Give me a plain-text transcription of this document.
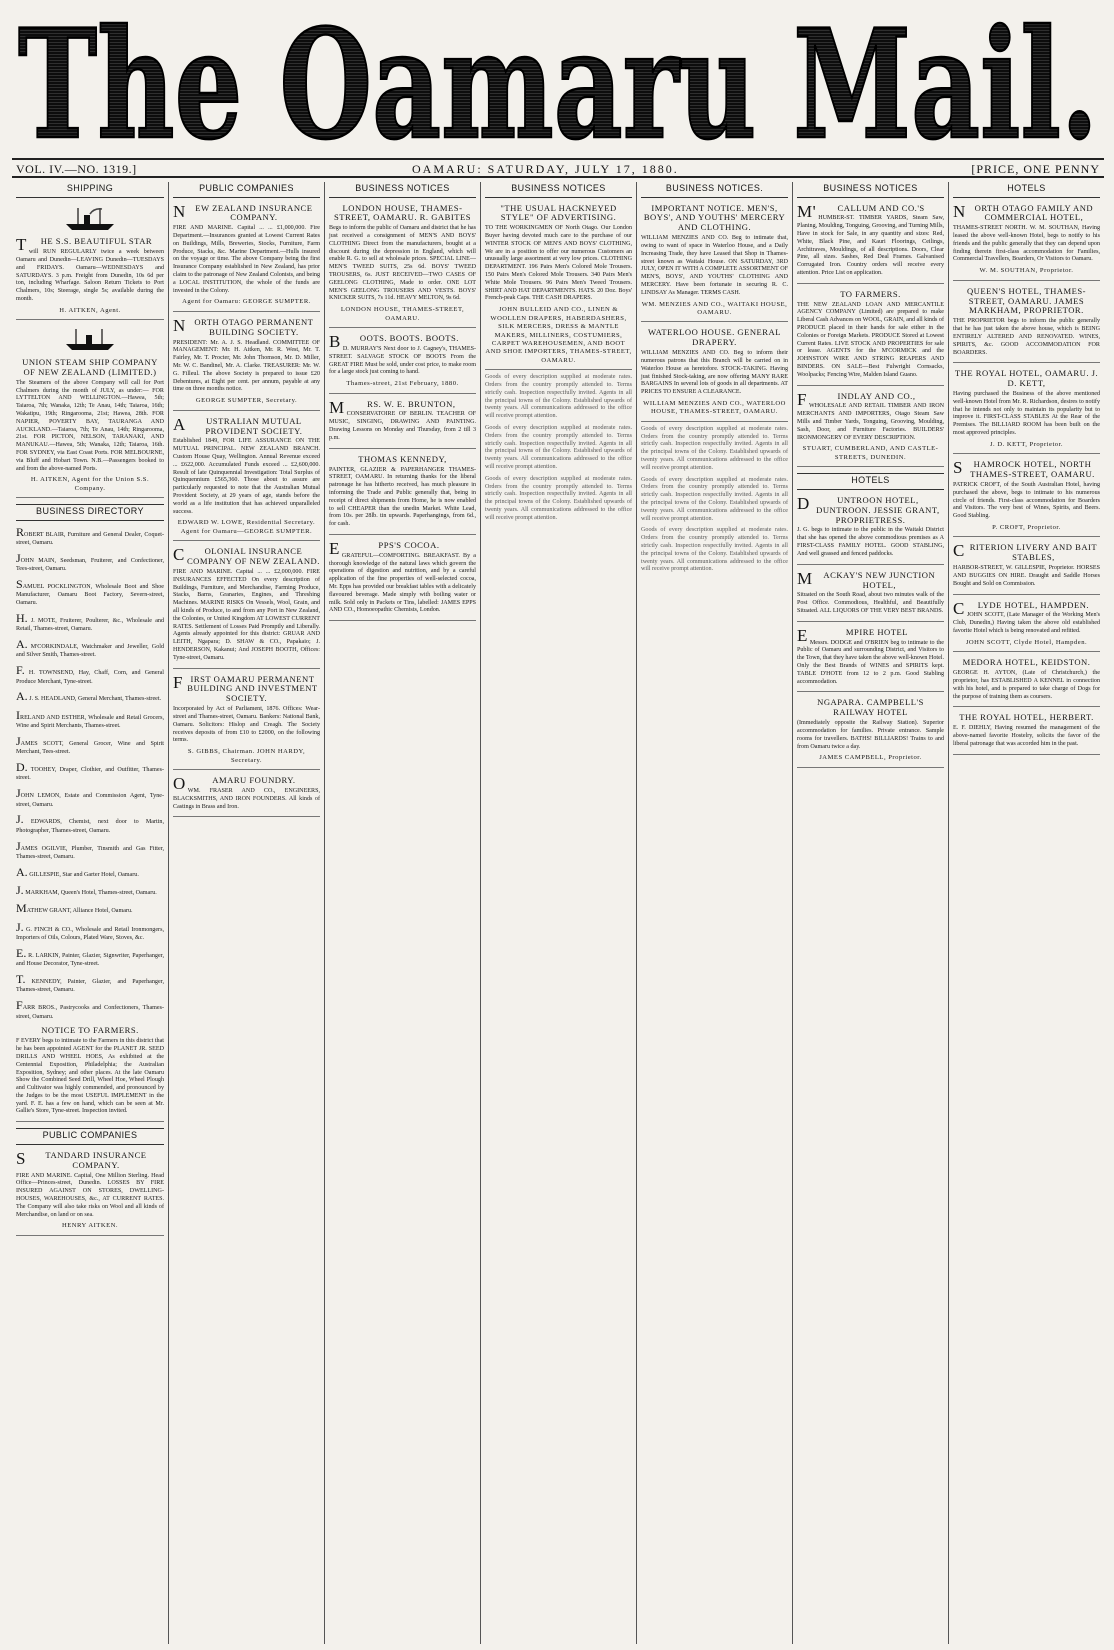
The Oamaru Mail.
VOL. IV.—NO. 1319.]	OAMARU: SATURDAY, JULY 17, 1880.	[PRICE, ONE PENNY
SHIPPING
THE S.S. BEAUTIFUL STAR

will RUN REGULARLY twice a week between Oamaru and Dunedin—LEAVING Dunedin—TUESDAYS and FRIDAYS. Oamaru—WEDNESDAYS and SATURDAYS. 3 p.m. Freight from Dunedin, 10s 6d per ton, including Wharfage. Saloon Return Tickets to Port Chalmers, 10s; Steerage, single 5s; available during the month.

H. AITKEN, Agent.
UNION STEAM SHIP COMPANY OF NEW ZEALAND (LIMITED.)

The Steamers of the above Company will call for Port Chalmers during the month of JULY, as under:— FOR LYTTELTON AND WELLINGTON.—Hawea, 5th; Taiaroa, 7th; Wanaka, 12th; Te Anau, 14th; Taiaroa, 16th; Wakatipu, 19th; Ringarooma, 21st; Hawea, 28th. FOR NAPIER, POVERTY BAY, TAURANGA AND AUCKLAND.—Taiaroa, 7th; Te Anau, 14th; Ringarooma, 21st. FOR PICTON, NELSON, TARANAKI, AND MANUKAU.—Hawea, 5th; Wanaka, 12th; Taiaroa, 16th. FOR SYDNEY, via East Coast Ports. FOR MELBOURNE, via Bluff and Hobart Town. N.B.—Passengers booked to and from the above-named Ports.

H. AITKEN, Agent for the Union S.S. Company.
BUSINESS DIRECTORY

ROBERT BLAIR, Furniture and General Dealer, Coquet-street, Oamaru.

JOHN MAIN, Seedsman, Fruiterer, and Confectioner, Tees-street, Oamaru.

SAMUEL POCKLINGTON, Wholesale Boot and Shoe Manufacturer, Oamaru Boot Factory, Severn-street, Oamaru.

H. J. MOTE, Fruiterer, Poulterer, &c., Wholesale and Retail, Thames-street, Oamaru.

A. M'CORKINDALE, Watchmaker and Jeweller, Gold and Silver Smith, Thames-street.

F. H. TOWNSEND, Hay, Chaff, Corn, and General Produce Merchant, Tyne-street.

A. J. S. HEADLAND, General Merchant, Thames-street.

IRELAND AND ESTHER, Wholesale and Retail Grocers, Wine and Spirit Merchants, Thames-street.

JAMES SCOTT, General Grocer, Wine and Spirit Merchant, Tees-street.

D. TOOHEY, Draper, Clothier, and Outfitter, Thames-street.

JOHN LEMON, Estate and Commission Agent, Tyne-street, Oamaru.

J. EDWARDS, Chemist, next door to Martin, Photographer, Thames-street, Oamaru.

JAMES OGILVIE, Plumber, Tinsmith and Gas Fitter, Thames-street, Oamaru.

A. GILLESPIE, Star and Garter Hotel, Oamaru.

J. MARKHAM, Queen's Hotel, Thames-street, Oamaru.

MATHEW GRANT, Alliance Hotel, Oamaru.

J. G. FINCH & CO., Wholesale and Retail Ironmongers, Importers of Oils, Colours, Plated Ware, Stoves, &c.

E. R. LARKIN, Painter, Glazier, Signwriter, Paperhanger, and House Decorator, Tyne-street.

T. KENNEDY, Painter, Glazier, and Paperhanger, Thames-street, Oamaru.

FARR BROS., Pastrycooks and Confectioners, Thames-street, Oamaru.

NOTICE TO FARMERS.

F EVERY begs to intimate to the Farmers in this district that he has been appointed AGENT for the PLANET JR. SEED DRILLS AND WHEEL HOES, As exhibited at the Centennial Exposition, Philadelphia; the Australian Exposition, Sydney; and other places. At the late Oamaru Show the Combined Seed Drill, Wheel Hoe, Wheel Plough and Cultivator was highly commended, and pronounced by the Judges to be the most USEFUL IMPLEMENT in the yard. F. E. has a few on hand, which can be seen at Mr. Gallie's Store, Tyne-street. Inspection invited.

PUBLIC COMPANIES
STANDARD INSURANCE COMPANY.

FIRE AND MARINE. Capital, One Million Sterling. Head Office—Princes-street, Dunedin. LOSSES BY FIRE INSURED AGAINST ON STORES, DWELLING-HOUSES, WAREHOUSES, &c., AT CURRENT RATES. The Company will also take risks on Wool and all kinds of Merchandise, on land or on sea.

HENRY AITKEN.
PUBLIC COMPANIES
NEW ZEALAND INSURANCE COMPANY.

FIRE AND MARINE. Capital ... ... £1,000,000. Fire Department.—Insurances granted at Lowest Current Rates on Buildings, Mills, Breweries, Stocks, Furniture, Farm Produce, Stacks, &c. Marine Department.—Hulls insured on the voyage or time. The above Company being the first Insurance Company established in New Zealand, has prior claim to the patronage of New Zealand Colonists, and being a LOCAL INSTITUTION, the whole of the funds are invested in the Colony.

Agent for Oamaru: GEORGE SUMPTER.
NORTH OTAGO PERMANENT BUILDING SOCIETY.

PRESIDENT: Mr. A. J. S. Headland. COMMITTEE OF MANAGEMENT: Mr. H. Aitken, Mr. R. West, Mr. T. Fairley, Mr. T. Procter, Mr. John Thomson, Mr. D. Miller, Mr. W. C. Bandinel, Mr. A. Clarke. TREASURER: Mr. W. G. Filleul. The above Society is prepared to issue £20 Debentures, at Eight per cent. per annum, payable at any time on three months notice.

GEORGE SUMPTER, Secretary.
AUSTRALIAN MUTUAL PROVIDENT SOCIETY.

Established 1849, FOR LIFE ASSURANCE ON THE MUTUAL PRINCIPAL. NEW ZEALAND BRANCH. Custom House Quay, Wellington. Annual Revenue exceed ... £622,000. Accumulated Funds exceed ... £2,600,000. Result of late Quinquennial Investigation: Total Surplus of Quinquennium £565,360. Those about to assure are particularly requested to note that the Australian Mutual Provident Society, at 29 years of age, stands before the world as a life institution that has achieved unparalleled success.

EDWARD W. LOWE, Residential Secretary. Agent for Oamaru—GEORGE SUMPTER.
COLONIAL INSURANCE COMPANY OF NEW ZEALAND.

FIRE AND MARINE. Capital ... ... £2,000,000. FIRE INSURANCES EFFECTED On every description of Buildings, Furniture, and Merchandise, Farming Produce, Stacks, Barns, Granaries, Engines, and Threshing Machines. MARINE RISKS On Vessels, Wool, Grain, and all kinds of Produce, to and from any Port in New Zealand, the Colonies, or United Kingdom AT LOWEST CURRENT RATES. Settlement of Losses Paid Promptly and Liberally. Agents already appointed for this district: GRUAR AND LEITH, Ngapara; D. SHAW & CO., Papakaio; J. HENDERSON, Kakanui; And JOSEPH BOOTH, Offices: Tyne-street, Oamaru.

FIRST OAMARU PERMANENT BUILDING AND INVESTMENT SOCIETY.

Incorporated by Act of Parliament, 1876. Offices: Wear-street and Thames-street, Oamaru. Bankers: National Bank, Oamaru. Solicitors: Hislop and Creagh. The Society receives deposits of from £10 to £2000, on the following terms.

S. GIBBS, Chairman. JOHN HARDY, Secretary.
OAMARU FOUNDRY.

WM. FRASER AND CO., ENGINEERS, BLACKSMITHS, AND IRON FOUNDERS. All kinds of Castings in Brass and Iron.

BUSINESS NOTICES
LONDON HOUSE, THAMES-STREET, OAMARU. R. GABITES

Begs to inform the public of Oamaru and district that he has just received a consignment of MEN'S AND BOYS' CLOTHING Direct from the manufacturers, bought at a discount during the depression in England, which will enable R. G. to sell at wholesale prices. SPECIAL LINE— MEN'S TWEED SUITS, 25s 6d. BOYS' TWEED TROUSERS, 6s. JUST RECEIVED—TWO CASES OF GEELONG CLOTHING, Made to order. ONE LOT MEN'S GEELONG TROUSERS AND VESTS. BOYS' KNICKER SUITS, 7s 11d. HEAVY MELTON, 9s 6d.

LONDON HOUSE, THAMES-STREET, OAMARU.
BOOTS. BOOTS. BOOTS.

D. MURRAY'S Next door to J. Cagney's, THAMES-STREET. SALVAGE STOCK OF BOOTS From the GREAT FIRE Must be sold, under cost price, to make room for a large stock just coming to hand.

Thames-street, 21st February, 1880.
MRS. W. E. BRUNTON,

CONSERVATOIRE OF BERLIN. TEACHER OF MUSIC, SINGING, DRAWING AND PAINTING. Drawing Lessons on Monday and Thursday, from 2 till 3 p.m.

THOMAS KENNEDY,

PAINTER, GLAZIER & PAPERHANGER THAMES-STREET, OAMARU. In returning thanks for the liberal patronage he has hitherto received, has much pleasure in informing the Trade and Public generally that, being in receipt of direct shipments from Home, he is now enabled to sell CHEAPER than the unedin Market. White Lead, from 10s. per 28lb. tin upwards. Paperhangings, from 6d., for cash.

EPPS'S COCOA.

GRATEFUL—COMFORTING. BREAKFAST. By a thorough knowledge of the natural laws which govern the operations of digestion and nutrition, and by a careful application of the fine properties of well-selected cocoa, Mr. Epps has provided our breakfast tables with a delicately flavoured beverage. Made simply with boiling water or milk. Sold only in Packets or Tins, labelled: JAMES EPPS AND CO., Homoeopathic Chemists, London.

BUSINESS NOTICES
"THE USUAL HACKNEYED STYLE" OF ADVERTISING.

TO THE WORKINGMEN OF North Otago. Our London Buyer having devoted much care to the purchase of our WINTER STOCK OF MEN'S AND BOYS' CLOTHING, We are in a position to offer our numerous Customers an unusually large assortment at very low prices. CLOTHING DEPARTMENT. 196 Pairs Men's Colored Mole Trousers. 150 Pairs Men's Colored Mole Trousers. 340 Pairs Men's White Mole Trousers. 96 Pairs Men's Tweed Trousers. SHIRT AND HAT DEPARTMENTS. HATS. 20 Doz. Boys' French-peak Caps. THE CASH DRAPERS.

JOHN BULLEID AND CO., LINEN & WOOLLEN DRAPERS, HABERDASHERS, SILK MERCERS, DRESS & MANTLE MAKERS, MILLINERS, COSTUMIERS, CARPET WAREHOUSEMEN, AND BOOT AND SHOE IMPORTERS, THAMES-STREET, OAMARU.
Goods of every description supplied at moderate rates. Orders from the country promptly attended to. Terms strictly cash. Inspection respectfully invited. Agents in all the principal towns of the Colony. Established upwards of twenty years. All communications addressed to the office will receive prompt attention.
Goods of every description supplied at moderate rates. Orders from the country promptly attended to. Terms strictly cash. Inspection respectfully invited. Agents in all the principal towns of the Colony. Established upwards of twenty years. All communications addressed to the office will receive prompt attention.
Goods of every description supplied at moderate rates. Orders from the country promptly attended to. Terms strictly cash. Inspection respectfully invited. Agents in all the principal towns of the Colony. Established upwards of twenty years. All communications addressed to the office will receive prompt attention.
BUSINESS NOTICES.
IMPORTANT NOTICE. MEN'S, BOYS', AND YOUTHS' MERCERY AND CLOTHING.

WILLIAM MENZIES AND CO. Beg to intimate that, owing to want of space in Waterloo House, and a Daily Increasing Trade, they have Leased that Shop in Thames-street known as Waitaki House. ON SATURDAY, 3RD JULY, OPEN IT WITH A COMPLETE ASSORTMENT OF MEN'S, BOYS', AND YOUTHS' CLOTHING AND MERCERY. Have been fortunate in securing R. C. LINDSAY As Manager. TERMS CASH.

WM. MENZIES AND CO., WAITAKI HOUSE, OAMARU.
WATERLOO HOUSE. GENERAL DRAPERY.

WILLIAM MENZIES AND CO. Beg to inform their numerous patrons that this Branch will be carried on in Waterloo House as heretofore. STOCK-TAKING. Having just finished Stock-taking, are now offering MANY RARE BARGAINS In several lots of goods in all departments. AT PRICES TO ENSURE A CLEARANCE.

WILLIAM MENZIES AND CO., WATERLOO HOUSE, THAMES-STREET, OAMARU.
Goods of every description supplied at moderate rates. Orders from the country promptly attended to. Terms strictly cash. Inspection respectfully invited. Agents in all the principal towns of the Colony. Established upwards of twenty years. All communications addressed to the office will receive prompt attention.
Goods of every description supplied at moderate rates. Orders from the country promptly attended to. Terms strictly cash. Inspection respectfully invited. Agents in all the principal towns of the Colony. Established upwards of twenty years. All communications addressed to the office will receive prompt attention.
Goods of every description supplied at moderate rates. Orders from the country promptly attended to. Terms strictly cash. Inspection respectfully invited. Agents in all the principal towns of the Colony. Established upwards of twenty years. All communications addressed to the office will receive prompt attention.
BUSINESS NOTICES
M'CALLUM AND CO.'S

HUMBER-ST. TIMBER YARDS, Steam Saw, Planing, Moulding, Tonguing, Grooving, and Turning Mills, Have in stock for Sale, in any quantity and sizes: Red, White, Black Pine, and Kauri Floorings, Ceilings, Architraves, Mouldings, of all descriptions. Doors, Clear Pine, all sizes. Sashes, Red Deal Frames. Galvanised Corrugated Iron. Country orders will receive every attention. Price List on application.

TO FARMERS.

THE NEW ZEALAND LOAN AND MERCANTILE AGENCY COMPANY (Limited) are prepared to make Liberal Cash Advances on WOOL, GRAIN, and all kinds of PRODUCE placed in their hands for sale either in the Colonies or Foreign Markets. PRODUCE Stored at Lowest Current Rates. LIVE STOCK AND PROPERTIES for sale or lease. AGENTS for the M'CORMICK and the JOHNSTON WIRE AND STRING REAPERS AND BINDERS. ON SALE—Best Fulwright Cornsacks, Woolpacks; Fencing Wire, Malden Island Guano.

FINDLAY AND CO.,

WHOLESALE AND RETAIL TIMBER AND IRON MERCHANTS AND IMPORTERS, Otago Steam Saw Mills and Timber Yards, Tonguing, Grooving, Moulding, Sash, Door, and Furniture Factories. BUILDERS' IRONMONGERY OF EVERY DESCRIPTION.

STUART, CUMBERLAND, AND CASTLE-STREETS, DUNEDIN.
HOTELS
DUNTROON HOTEL, DUNTROON. JESSIE GRANT, PROPRIETRESS.

J. G. begs to intimate to the public in the Waitaki District that she has opened the above commodious premises as A FIRST-CLASS FAMILY HOTEL. GOOD STABLING, And well grassed and fenced paddocks.

MACKAY'S NEW JUNCTION HOTEL,

Situated on the South Road, about two minutes walk of the Post Office. Commodious, Healthful, and Beautifully Situated. ALL LIQUORS OF THE VERY BEST BRANDS.

EMPIRE HOTEL

Messrs. DODGE and O'BRIEN beg to intimate to the Public of Oamaru and surrounding District, and Visitors to the Town, that they have taken the above well-known Hotel. Only the Best Brands of WINES and SPIRITS kept. TABLE D'HOTE from 12 to 2 p.m. Good Stabling accommodation.

NGAPARA. CAMPBELL'S RAILWAY HOTEL

(Immediately opposite the Railway Station). Superior accommodation for families. Private entrance. Sample rooms for travellers. BATHS! BILLIARDS! Trains to and from Oamaru twice a day.

JAMES CAMPBELL, Proprietor.
HOTELS
NORTH OTAGO FAMILY AND COMMERCIAL HOTEL,

THAMES-STREET NORTH. W. M. SOUTHAN, Having leased the above well-known Hotel, begs to notify to his friends and the public generally that they can depend upon finding therein first-class accommodation for Families, Commercial Travellers, Boarders, Or Visitors to Oamaru.

W. M. SOUTHAN, Proprietor.
QUEEN'S HOTEL, THAMES-STREET, OAMARU. JAMES MARKHAM, PROPRIETOR.

THE PROPRIETOR begs to inform the public generally that he has just taken the above house, which is BEING ENTIRELY ALTERED AND RENOVATED. WINES, SPIRITS, &c. GOOD ACCOMMODATION FOR BOARDERS.

THE ROYAL HOTEL, OAMARU. J. D. KETT,

Having purchased the Business of the above mentioned well-known Hotel from Mr. R. Richardson, desires to notify that he intends not only to maintain its popularity but to improve it. FIRST-CLASS STABLES At the Rear of the Premises. The BILLIARD ROOM has been built on the most approved principles.

J. D. KETT, Proprietor.
SHAMROCK HOTEL, NORTH THAMES-STREET, OAMARU.

PATRICK CROFT, of the South Australian Hotel, having purchased the above, begs to intimate to his numerous circle of friends. First-class accommodation for Boarders and Visitors. The very best of Wines, Spirits, and Beers. Good Stabling.

P. CROFT, Proprietor.
CRITERION LIVERY AND BAIT STABLES,

HARBOR-STREET, W. GILLESPIE, Proprietor. HORSES AND BUGGIES ON HIRE. Draught and Saddle Horses Bought and Sold on Commission.

CLYDE HOTEL, HAMPDEN.

JOHN SCOTT, (Late Manager of the Working Men's Club, Dunedin,) Having taken the above old established favorite Hotel which is being renovated and refitted.

JOHN SCOTT, Clyde Hotel, Hampden.
MEDORA HOTEL, KEIDSTON.

GEORGE H. AYTON, (Late of Christchurch,) the proprietor, has ESTABLISHED A KENNEL in connection with his hotel, and is prepared to take charge of Dogs for the purpose of training them as coursers.

THE ROYAL HOTEL, HERBERT.

E. F. DIEHLY, Having resumed the management of the above-named favorite Hostelry, solicits the favor of the liberal patronage that was accorded him in the past.
